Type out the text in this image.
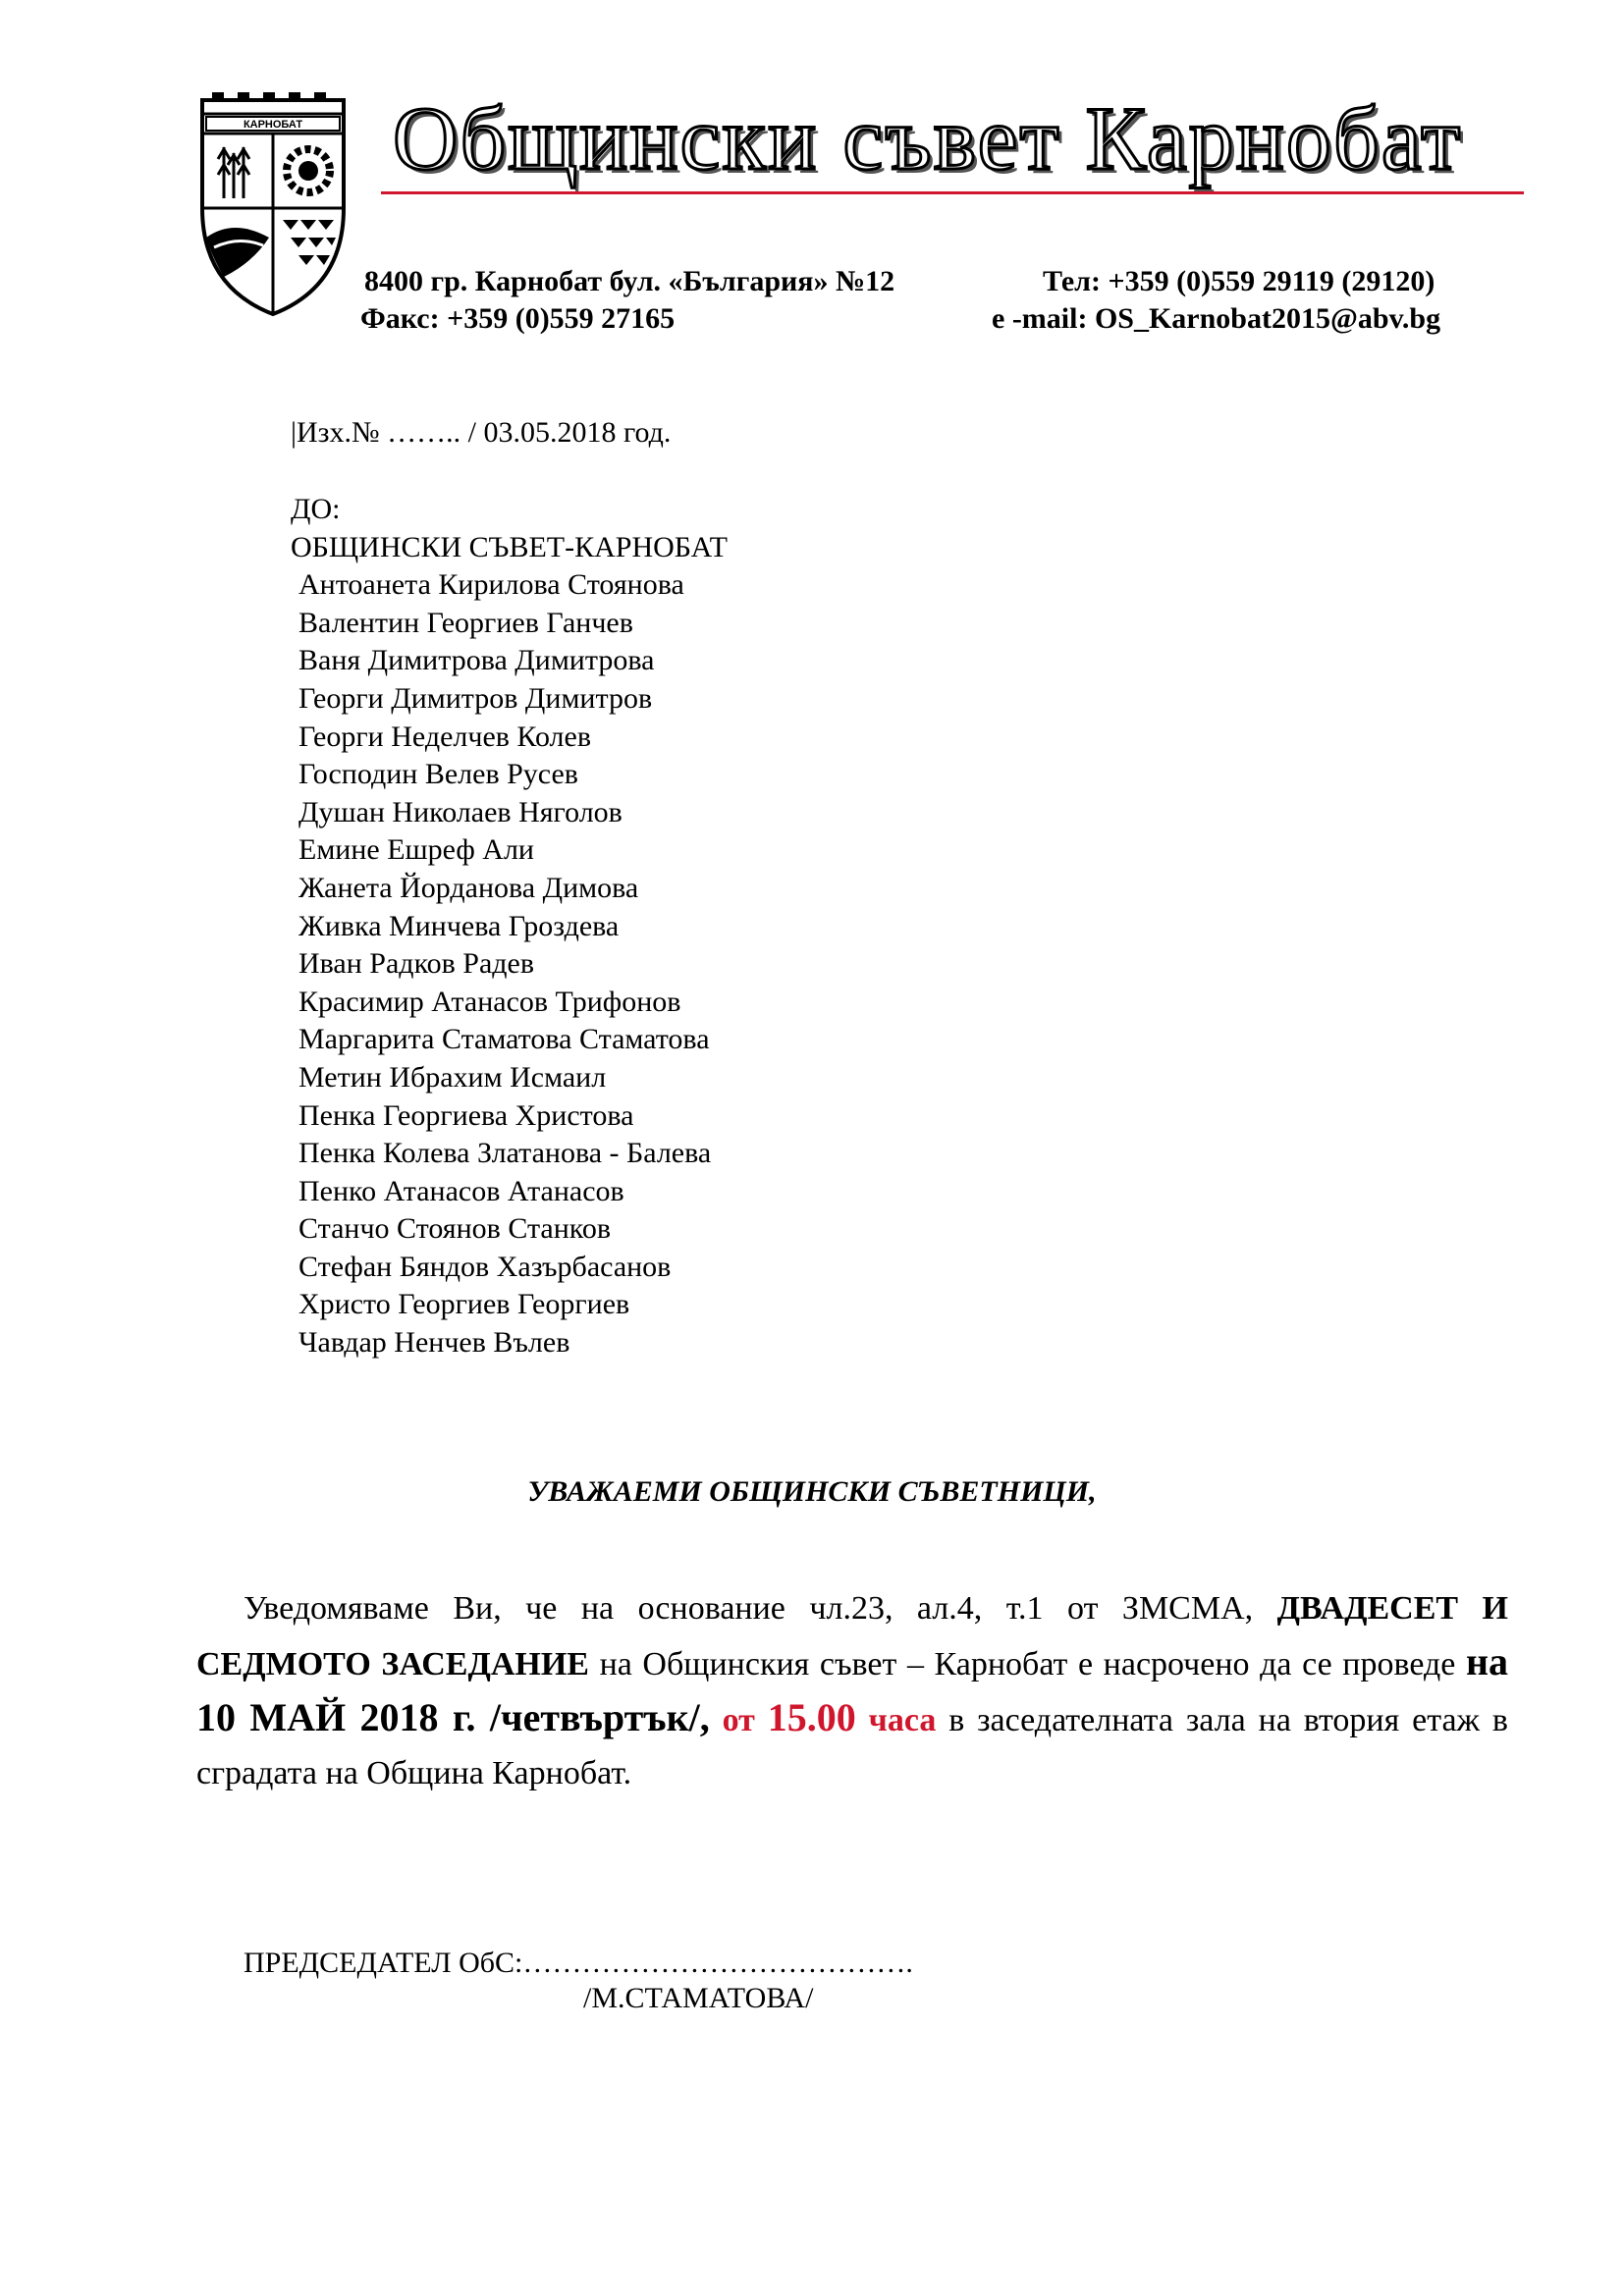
КАРНОБАТ Общински съвет Карнобат
8400 гр. Карнобат бул. «България» №12	Тел: +359 (0)559 29119 (29120)
Факс: +359 (0)559 27165	e -mail: OS_Karnobat2015@abv.bg
|Изх.№ …….. / 03.05.2018 год.
ДО:
ОБЩИНСКИ СЪВЕТ-КАРНОБАТ
Антоанета Кирилова Стоянова
Валентин Георгиев Ганчев
Ваня Димитрова Димитрова
Георги Димитров Димитров
Георги Неделчев Колев
Господин Велев Русев
Душан Николаев Няголов
Емине Ешреф Али
Жанета Йорданова Димова
Живка Минчева Гроздева
Иван Радков Радев
Красимир Атанасов Трифонов
Маргарита Стаматова Стаматова
Метин Ибрахим Исмаил
Пенка Георгиева Христова
Пенка Колева Златанова - Балева
Пенко Атанасов Атанасов
Станчо Стоянов Станков
Стефан Бяндов Хазърбасанов
Христо Георгиев Георгиев
Чавдар Ненчев Вълев
УВАЖАЕМИ ОБЩИНСКИ СЪВЕТНИЦИ,
Уведомяваме Ви, че на основание чл.23, ал.4, т.1 от ЗМСМА, ДВАДЕСЕТ И СЕДМОТО ЗАСЕДАНИЕ на Общинския съвет – Карнобат е насрочено да се проведе на 10 МАЙ 2018 г. /четвъртък/, от 15.00 часа в заседателната зала на втория етаж в сградата на Община Карнобат.
ПРЕДСЕДАТЕЛ ОбС:………………………………….
/М.СТАМАТОВА/
